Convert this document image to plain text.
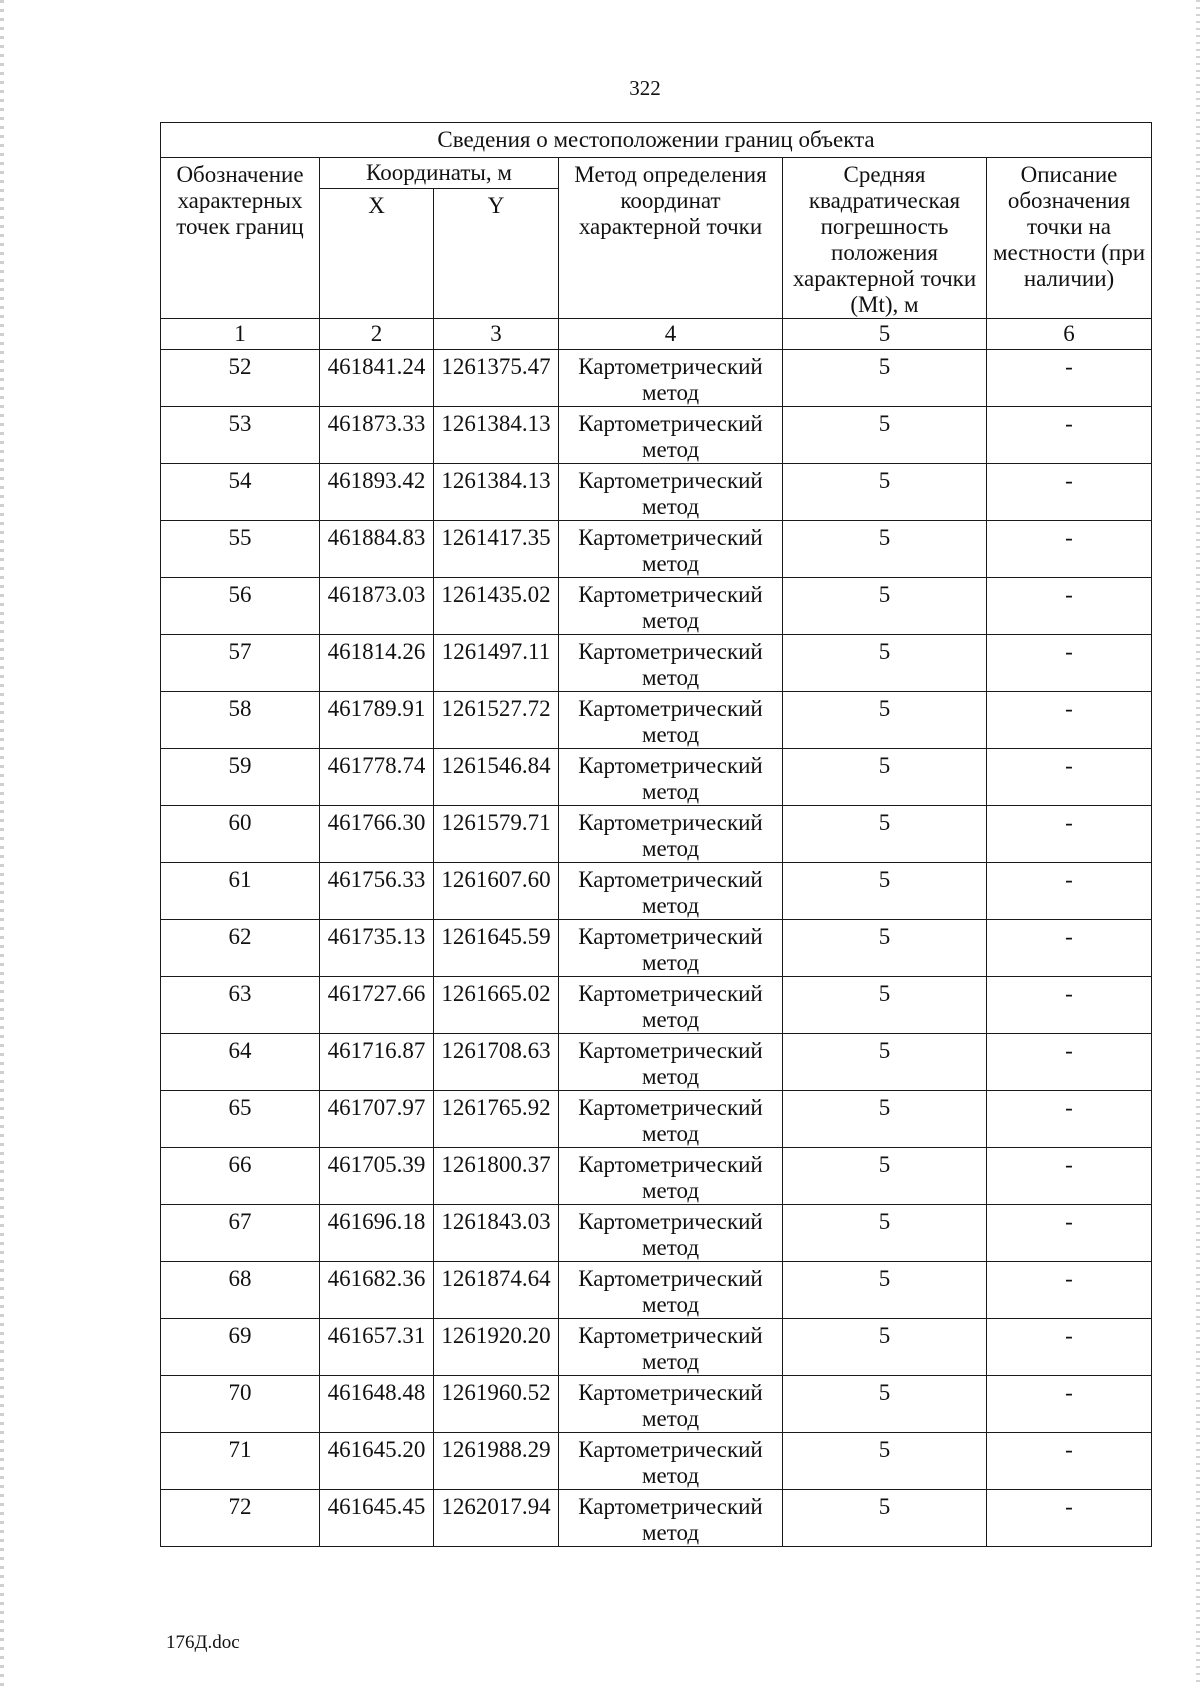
322
Сведения о местоположении границ объекта					
Обозначение характерных точек границ	Координаты, м		Метод определения координат характерной точки	Средняя квадратическая погрешность положения характерной точки (Mt), м	Описание обозначения точки на местности (при наличии)
	X	Y			
1	2	3	4	5	6
52	461841.24	1261375.47	Картометрический метод	5	-
53	461873.33	1261384.13	Картометрический метод	5	-
54	461893.42	1261384.13	Картометрический метод	5	-
55	461884.83	1261417.35	Картометрический метод	5	-
56	461873.03	1261435.02	Картометрический метод	5	-
57	461814.26	1261497.11	Картометрический метод	5	-
58	461789.91	1261527.72	Картометрический метод	5	-
59	461778.74	1261546.84	Картометрический метод	5	-
60	461766.30	1261579.71	Картометрический метод	5	-
61	461756.33	1261607.60	Картометрический метод	5	-
62	461735.13	1261645.59	Картометрический метод	5	-
63	461727.66	1261665.02	Картометрический метод	5	-
64	461716.87	1261708.63	Картометрический метод	5	-
65	461707.97	1261765.92	Картометрический метод	5	-
66	461705.39	1261800.37	Картометрический метод	5	-
67	461696.18	1261843.03	Картометрический метод	5	-
68	461682.36	1261874.64	Картометрический метод	5	-
69	461657.31	1261920.20	Картометрический метод	5	-
70	461648.48	1261960.52	Картометрический метод	5	-
71	461645.20	1261988.29	Картометрический метод	5	-
72	461645.45	1262017.94	Картометрический метод	5	-
176Д.doc
